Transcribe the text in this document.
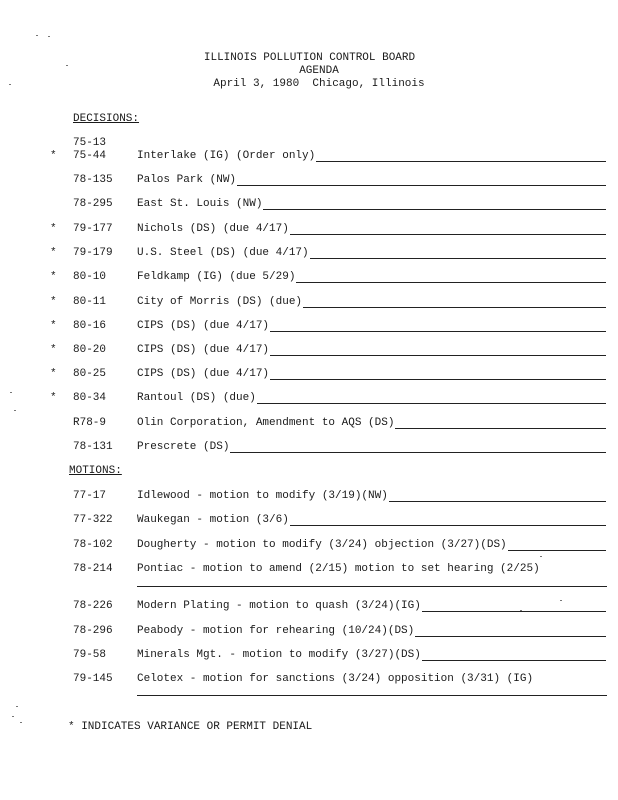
ILLINOIS POLLUTION CONTROL BOARD
AGENDA
April 3, 1980  Chicago, Illinois
DECISIONS:
75-13
* 75-44	Interlake (IG) (Order only)
78-135 Palos Park (NW)
78-295 East St. Louis (NW)
* 79-177 Nichols (DS) (due 4/17)
* 79-179 U.S. Steel (DS) (due 4/17)
* 80-10	Feldkamp (IG) (due 5/29)
* 80-11	City of Morris (DS) (due)
* 80-16	CIPS (DS) (due 4/17)
* 80-20	CIPS (DS) (due 4/17)
* 80-25	CIPS (DS) (due 4/17)
* 80-34	Rantoul (DS) (due)
R78-9	Olin Corporation, Amendment to AQS (DS)
78-131 Prescrete (DS)
MOTIONS:
77-17	Idlewood - motion to modify (3/19)(NW)
77-322 Waukegan - motion (3/6)
78-102 Dougherty - motion to modify (3/24) objection (3/27)(DS)
78-214 Pontiac - motion to amend (2/15) motion to set hearing (2/25)
78-226 Modern Plating - motion to quash (3/24)(IG)
78-296 Peabody - motion for rehearing (10/24)(DS)
79-58	Minerals Mgt. - motion to modify (3/27)(DS)
79-145 Celotex - motion for sanctions (3/24) opposition (3/31) (IG)
* INDICATES VARIANCE OR PERMIT DENIAL
